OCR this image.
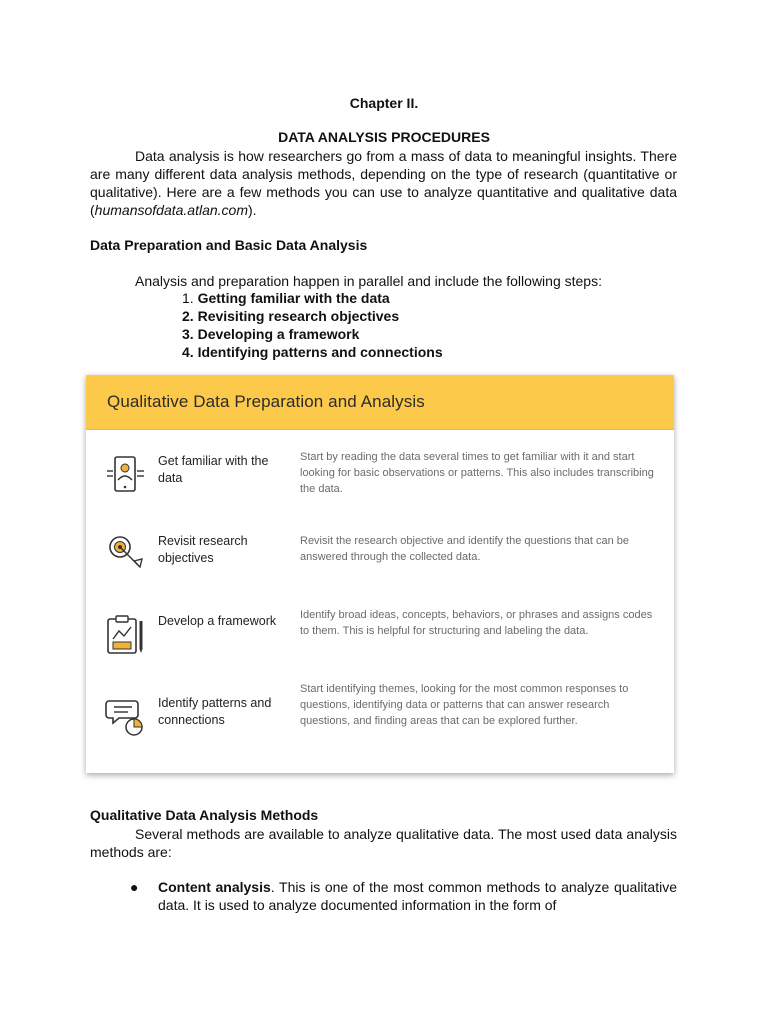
Chapter II.
DATA ANALYSIS PROCEDURES

Data analysis is how researchers go from a mass of data to meaningful insights. There are many different data analysis methods, depending on the type of research (quantitative or qualitative). Here are a few methods you can use to analyze quantitative and qualitative data (humansofdata.atlan.com).

Data Preparation and Basic Data Analysis

Analysis and preparation happen in parallel and include the following steps:

1. Getting familiar with the data
2. Revisiting research objectives
3. Developing a framework
4. Identifying patterns and connections
Qualitative Data Preparation and Analysis
Get familiar with the data
Start by reading the data several times to get familiar with it and start looking for basic observations or patterns. This also includes transcribing the data.
Revisit research objectives
Revisit the research objective and identify the questions that can be answered through the collected data.
Develop a framework Identify broad ideas, concepts, behaviors, or phrases and assigns codes to them. This is helpful for structuring and labeling the data.
Identify patterns and connections
Start identifying themes, looking for the most common responses to questions, identifying data or patterns that can answer research questions, and finding areas that can be explored further.

Qualitative Data Analysis Methods

Several methods are available to analyze qualitative data. The most used data analysis methods are:

● Content analysis. This is one of the most common methods to analyze qualitative data. It is used to analyze documented information in the form of
